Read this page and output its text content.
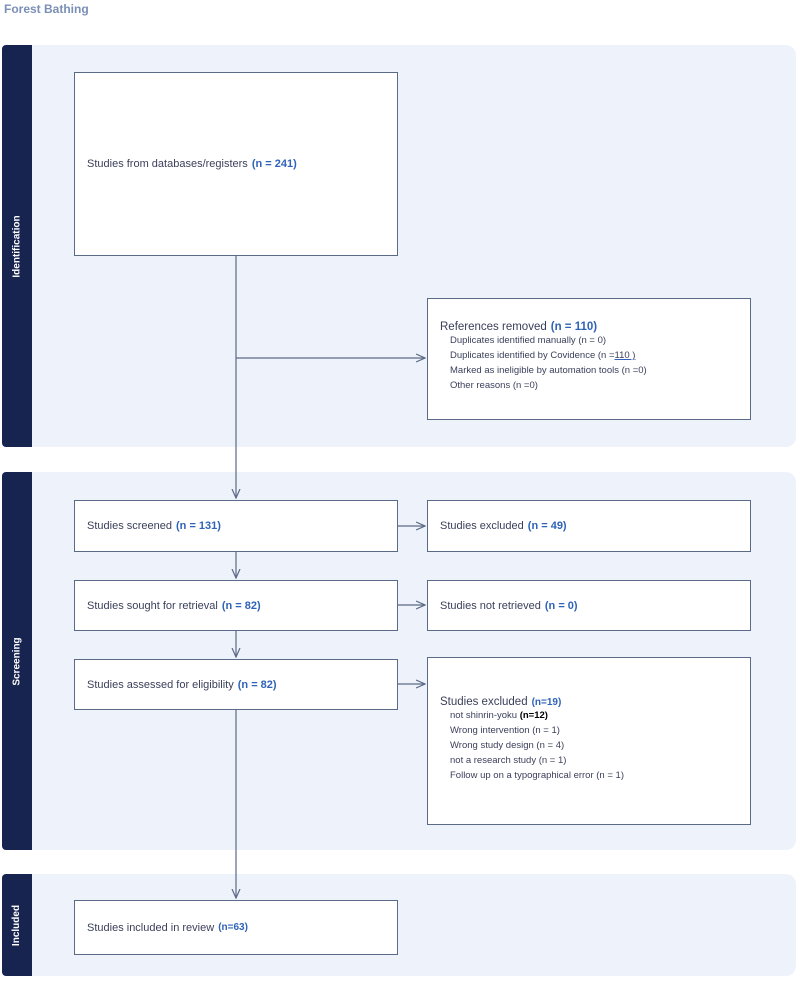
Forest Bathing
Identification
Screening
Included
Studies from databases/registers (n = 241)
References removed (n = 110)
Duplicates identified manually (n = 0)
Duplicates identified by Covidence (n =110 )
Marked as ineligible by automation tools (n =0)
Other reasons (n =0)
Studies screened (n = 131)	Studies excluded (n = 49)
Studies sought for retrieval (n = 82)	Studies not retrieved (n = 0)
Studies assessed for eligibility (n = 82)
Studies excluded (n=19)
not shinrin-yoku (n=12)
Wrong intervention (n = 1)
Wrong study design (n = 4)
not a research study (n = 1)
Follow up on a typographical error (n = 1)
Studies included in review (n=63)
